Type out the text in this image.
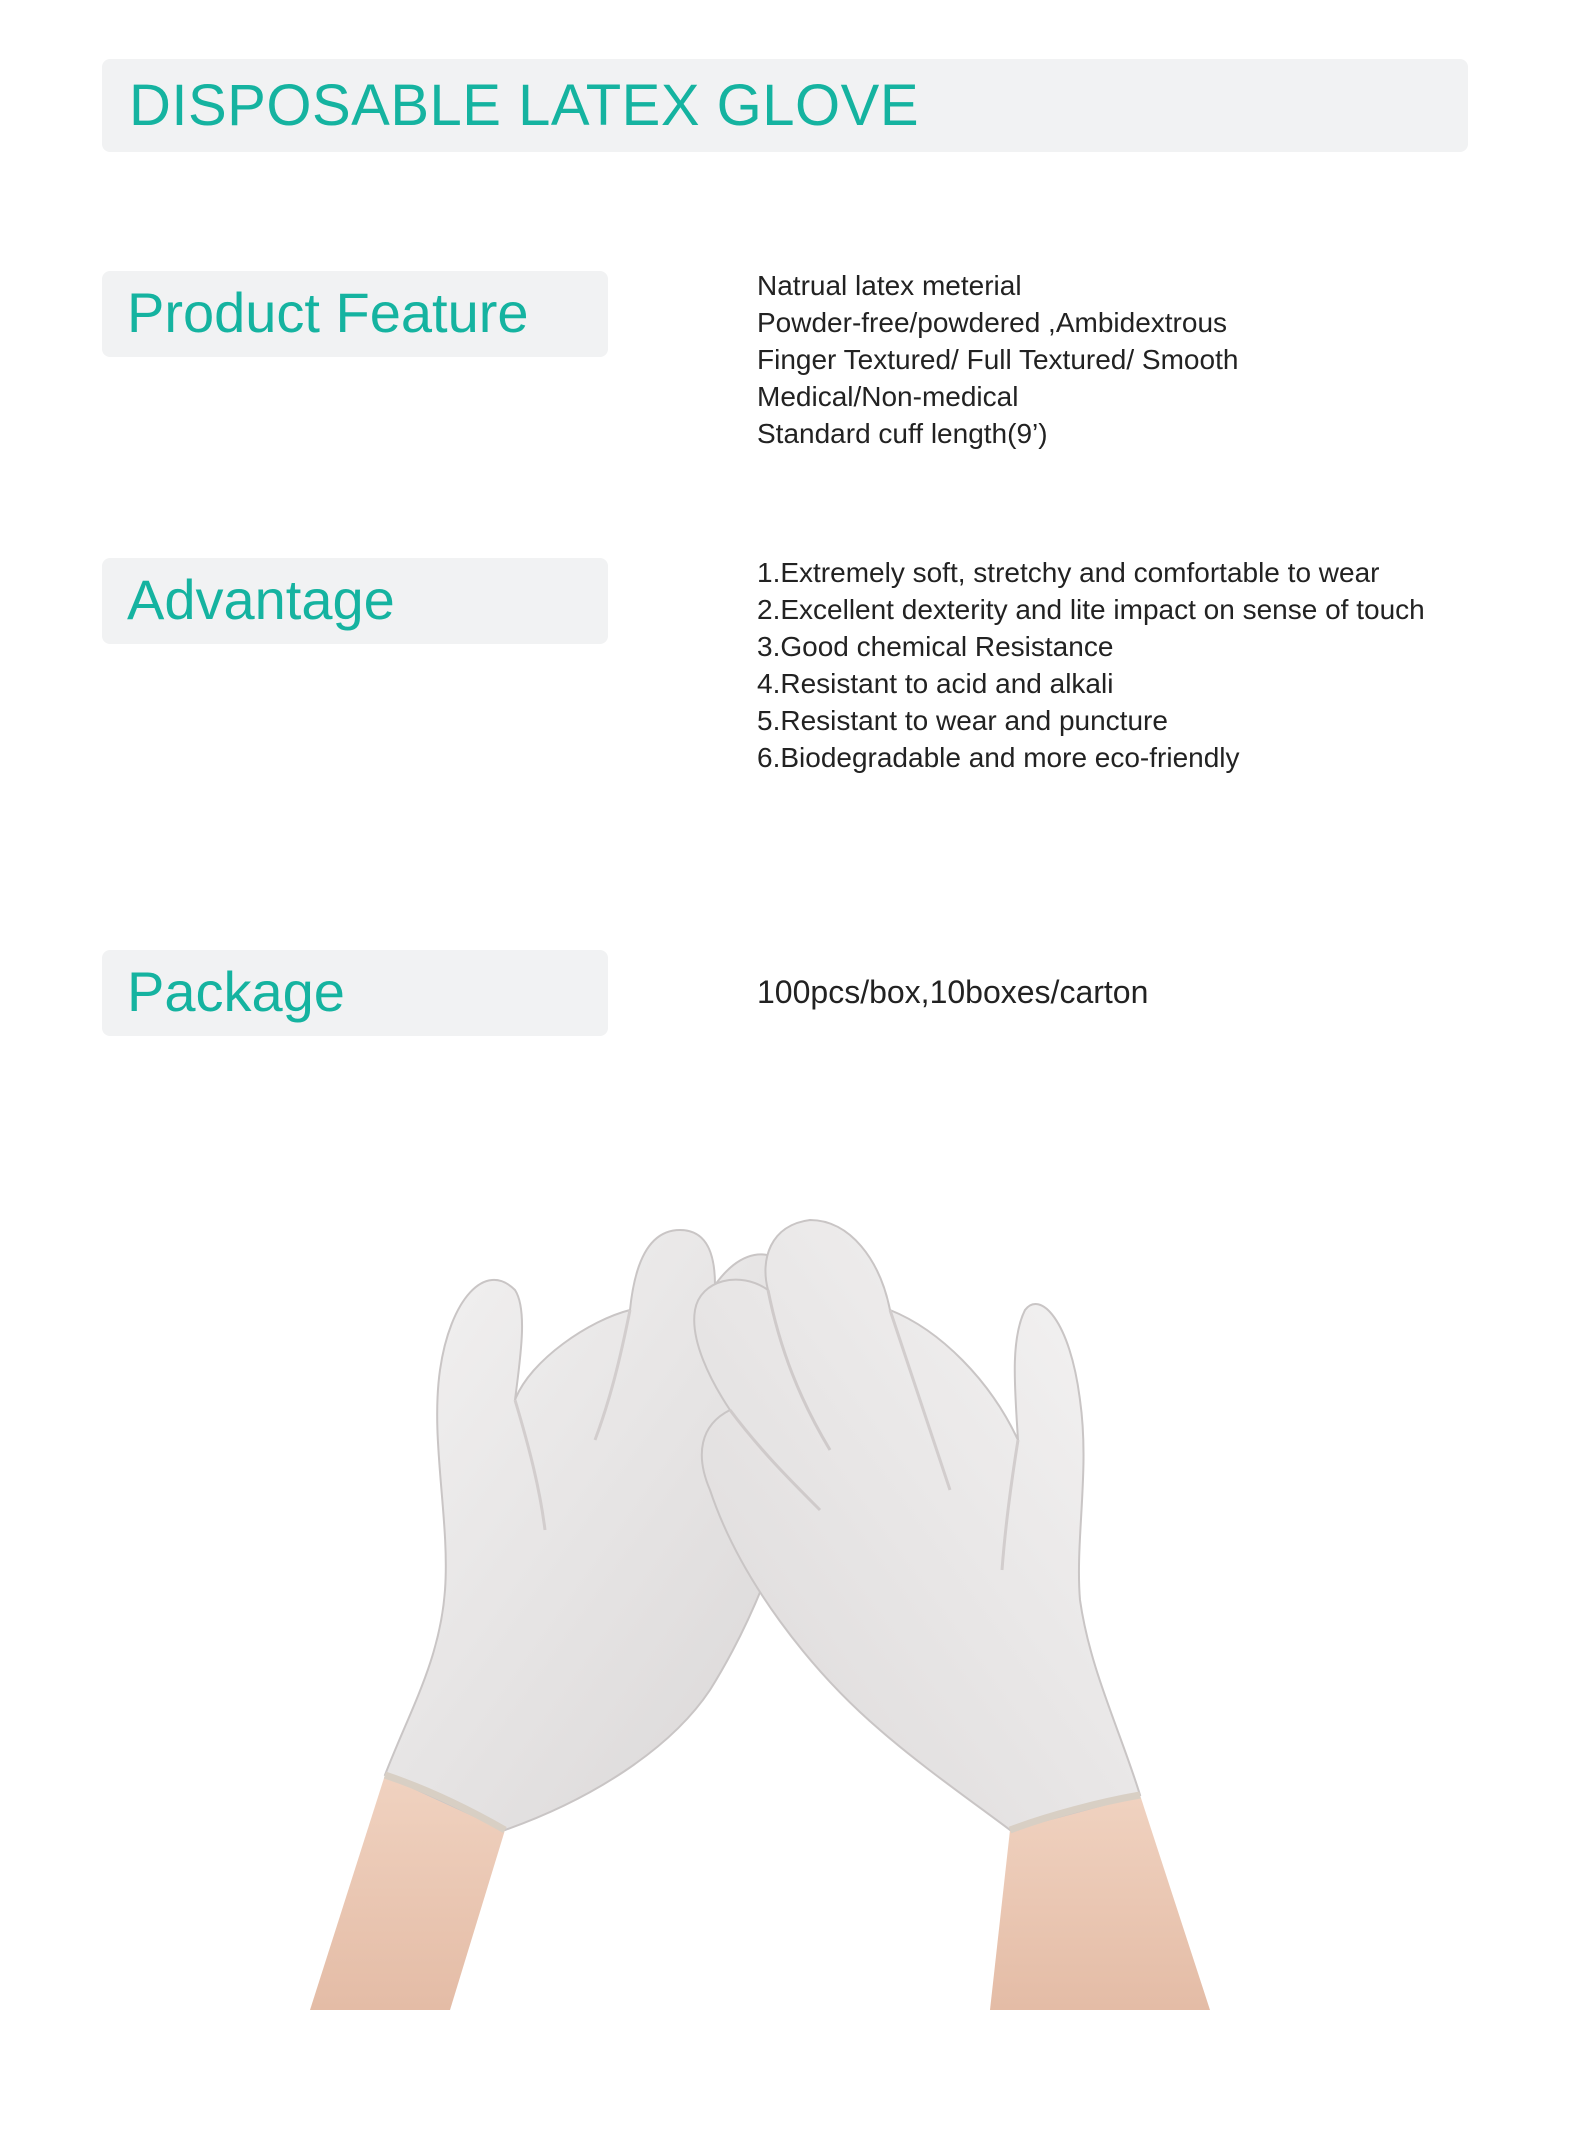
DISPOSABLE LATEX GLOVE
Product Feature	Natrual latex meterial
Powder-free/powdered ,Ambidextrous
Finger Textured/ Full Textured/ Smooth
Medical/Non-medical
Standard cuff length(9’)
Advantage	1.Extremely soft, stretchy and comfortable to wear
2.Excellent dexterity and lite impact on sense of touch
3.Good chemical Resistance
4.Resistant to acid and alkali
5.Resistant to wear and puncture
6.Biodegradable and more eco-friendly
Package	100pcs/box,10boxes/carton
